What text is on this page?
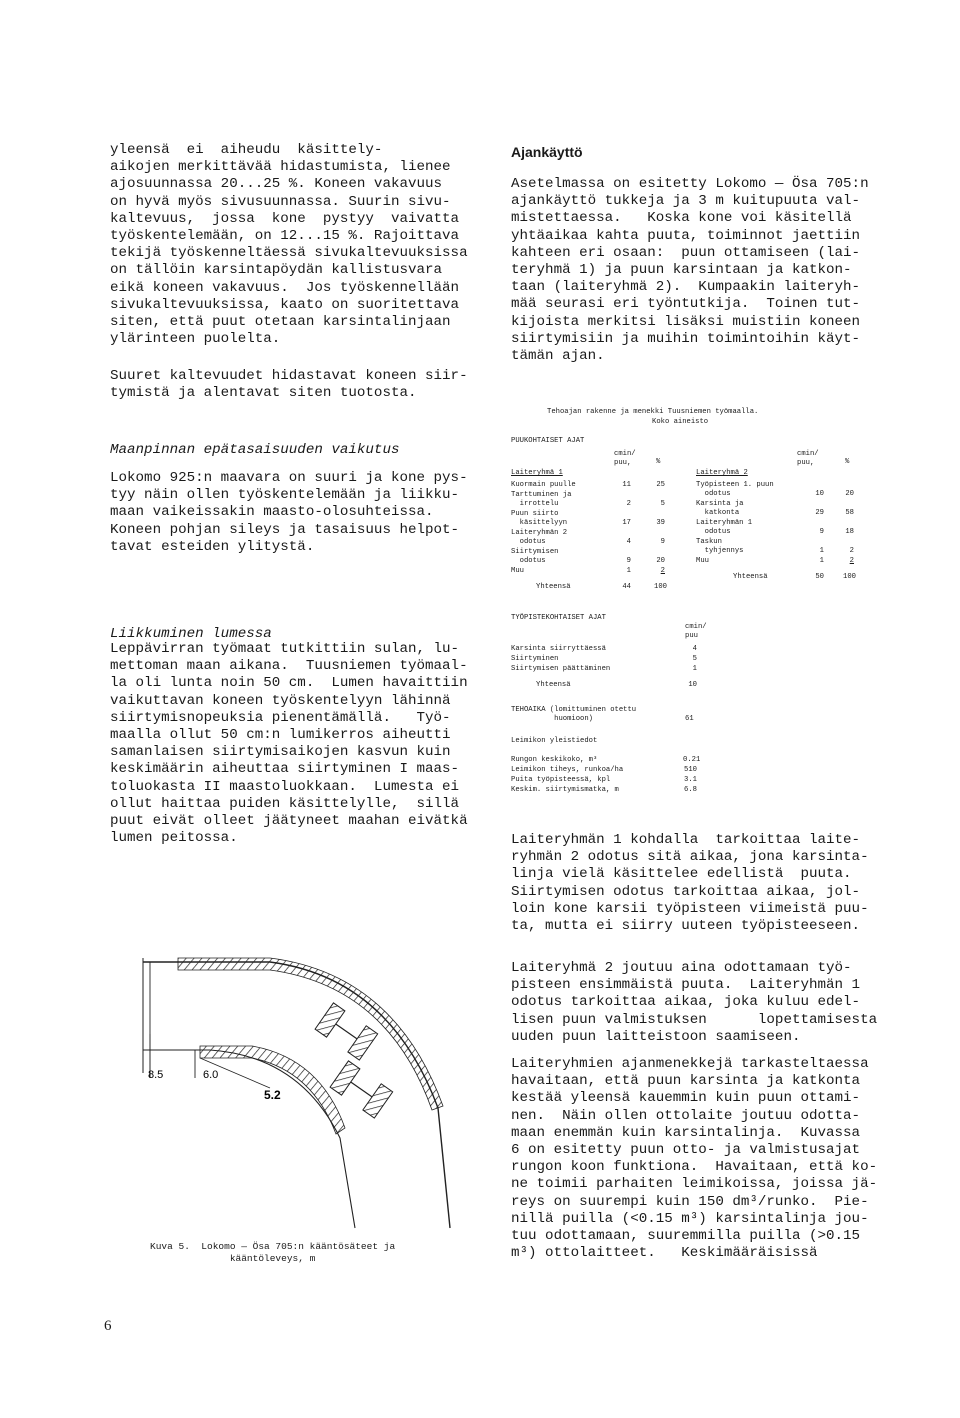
yleensä  ei  aiheudu  käsittely-
aikojen merkittävää hidastumista, lienee
ajosuunnassa 20...25 %. Koneen vakavuus
on hyvä myös sivusuunnassa. Suurin sivu-
kaltevuus,  jossa  kone  pystyy  vaivatta
työskentelemään, on 12...15 %. Rajoittava
tekijä työskenneltäessä sivukaltevuuksissa
on tällöin karsintapöydän kallistusvara
eikä koneen vakavuus.  Jos työskennellään
sivukaltevuuksissa, kaato on suoritettava
siten, että puut otetaan karsintalinjaan
ylärinteen puolelta.
Suuret kaltevuudet hidastavat koneen siir-
tymistä ja alentavat siten tuotosta.
Maanpinnan epätasaisuuden vaikutus
Lokomo 925:n maavara on suuri ja kone pys-
tyy näin ollen työskentelemään ja liikku-
maan vaikeissakin maasto-olosuhteissa.
Koneen pohjan sileys ja tasaisuus helpot-
tavat esteiden ylitystä.
Liikkuminen lumessa
Leppävirran työmaat tutkittiin sulan, lu-
mettoman maan aikana.  Tuusniemen työmaal-
la oli lunta noin 50 cm.  Lumen havaittiin
vaikuttavan koneen työskentelyyn lähinnä
siirtymisnopeuksia pienentämällä.   Työ-
maalla ollut 50 cm:n lumikerros aiheutti
samanlaisen siirtymisaikojen kasvun kuin
keskimäärin aiheuttaa siirtyminen I maas-
toluokasta II maastoluokkaan.  Lumesta ei
ollut haittaa puiden käsittelylle,  sillä
puut eivät olleet jäätyneet maahan eivätkä
lumen peitossa.
8.5	6.0
5.2
Kuva 5.  Lokomo — Ösa 705:n kääntösäteet ja
kääntöleveys, m
Ajankäyttö
Asetelmassa on esitetty Lokomo — Ösa 705:n
ajankäyttö tukkeja ja 3 m kuitupuuta val-
mistettaessa.   Koska kone voi käsitellä
yhtäaikaa kahta puuta, toiminnot jaettiin
kahteen eri osaan:  puun ottamiseen (lai-
teryhmä 1) ja puun karsintaan ja katkon-
taan (laiteryhmä 2).  Kumpaakin laiteryh-
mää seurasi eri työntutkija.  Toinen tut-
kijoista merkitsi lisäksi muistiin koneen
siirtymisiin ja muihin toimintoihin käyt-
tämän ajan.
Tehoajan rakenne ja menekki Tuusniemen työmaalla.
Koko aineisto
PUUKOHTAISET AJAT
cmin/
puu,	%
Laiteryhmä 1
Kuormain puulle	11	25
Tarttuminen ja
irrottelu	2	5
Puun siirto
käsittelyyn	17	39
Laiteryhmän 2
odotus	4	9
Siirtymisen
odotus	9	20
Muu	1	2
Yhteensä	44	100
cmin/
puu,	%
Laiteryhmä 2
Työpisteen 1. puun
odotus	10	20
Karsinta ja
katkonta	29	58
Laiteryhmän 1
odotus	9	18
Taskun
tyhjennys	1	2
Muu	1	2
Yhteensä	50	100
TYÖPISTEKOHTAISET AJAT
cmin/
puu
Karsinta siirryttäessä	4
Siirtyminen	5
Siirtymisen päättäminen	1
Yhteensä	10
TEHOAIKA (lomittuminen otettu
huomioon)	61
Leimikon yleistiedot
Rungon keskikoko, m³	0.21
Leimikon tiheys, runkoa/ha	510
Puita työpisteessä, kpl	3.1
Keskim. siirtymismatka, m	6.8
Laiteryhmän 1 kohdalla  tarkoittaa laite-
ryhmän 2 odotus sitä aikaa, jona karsinta-
linja vielä käsittelee edellistä  puuta.
Siirtymisen odotus tarkoittaa aikaa, jol-
loin kone karsii työpisteen viimeistä puu-
ta, mutta ei siirry uuteen työpisteeseen.
Laiteryhmä 2 joutuu aina odottamaan työ-
pisteen ensimmäistä puuta.  Laiteryhmän 1
odotus tarkoittaa aikaa, joka kuluu edel-
lisen puun valmistuksen      lopettamisesta
uuden puun laitteistoon saamiseen.
Laiteryhmien ajanmenekkejä tarkasteltaessa
havaitaan, että puun karsinta ja katkonta
kestää yleensä kauemmin kuin puun ottami-
nen.  Näin ollen ottolaite joutuu odotta-
maan enemmän kuin karsintalinja.  Kuvassa
6 on esitetty puun otto- ja valmistusajat
rungon koon funktiona.  Havaitaan, että ko-
ne toimii parhaiten leimikoissa, joissa jä-
reys on suurempi kuin 150 dm³/runko.  Pie-
nillä puilla (<0.15 m³) karsintalinja jou-
tuu odottamaan, suuremmilla puilla (>0.15
m³) ottolaitteet.   Keskimääräisissä
6
